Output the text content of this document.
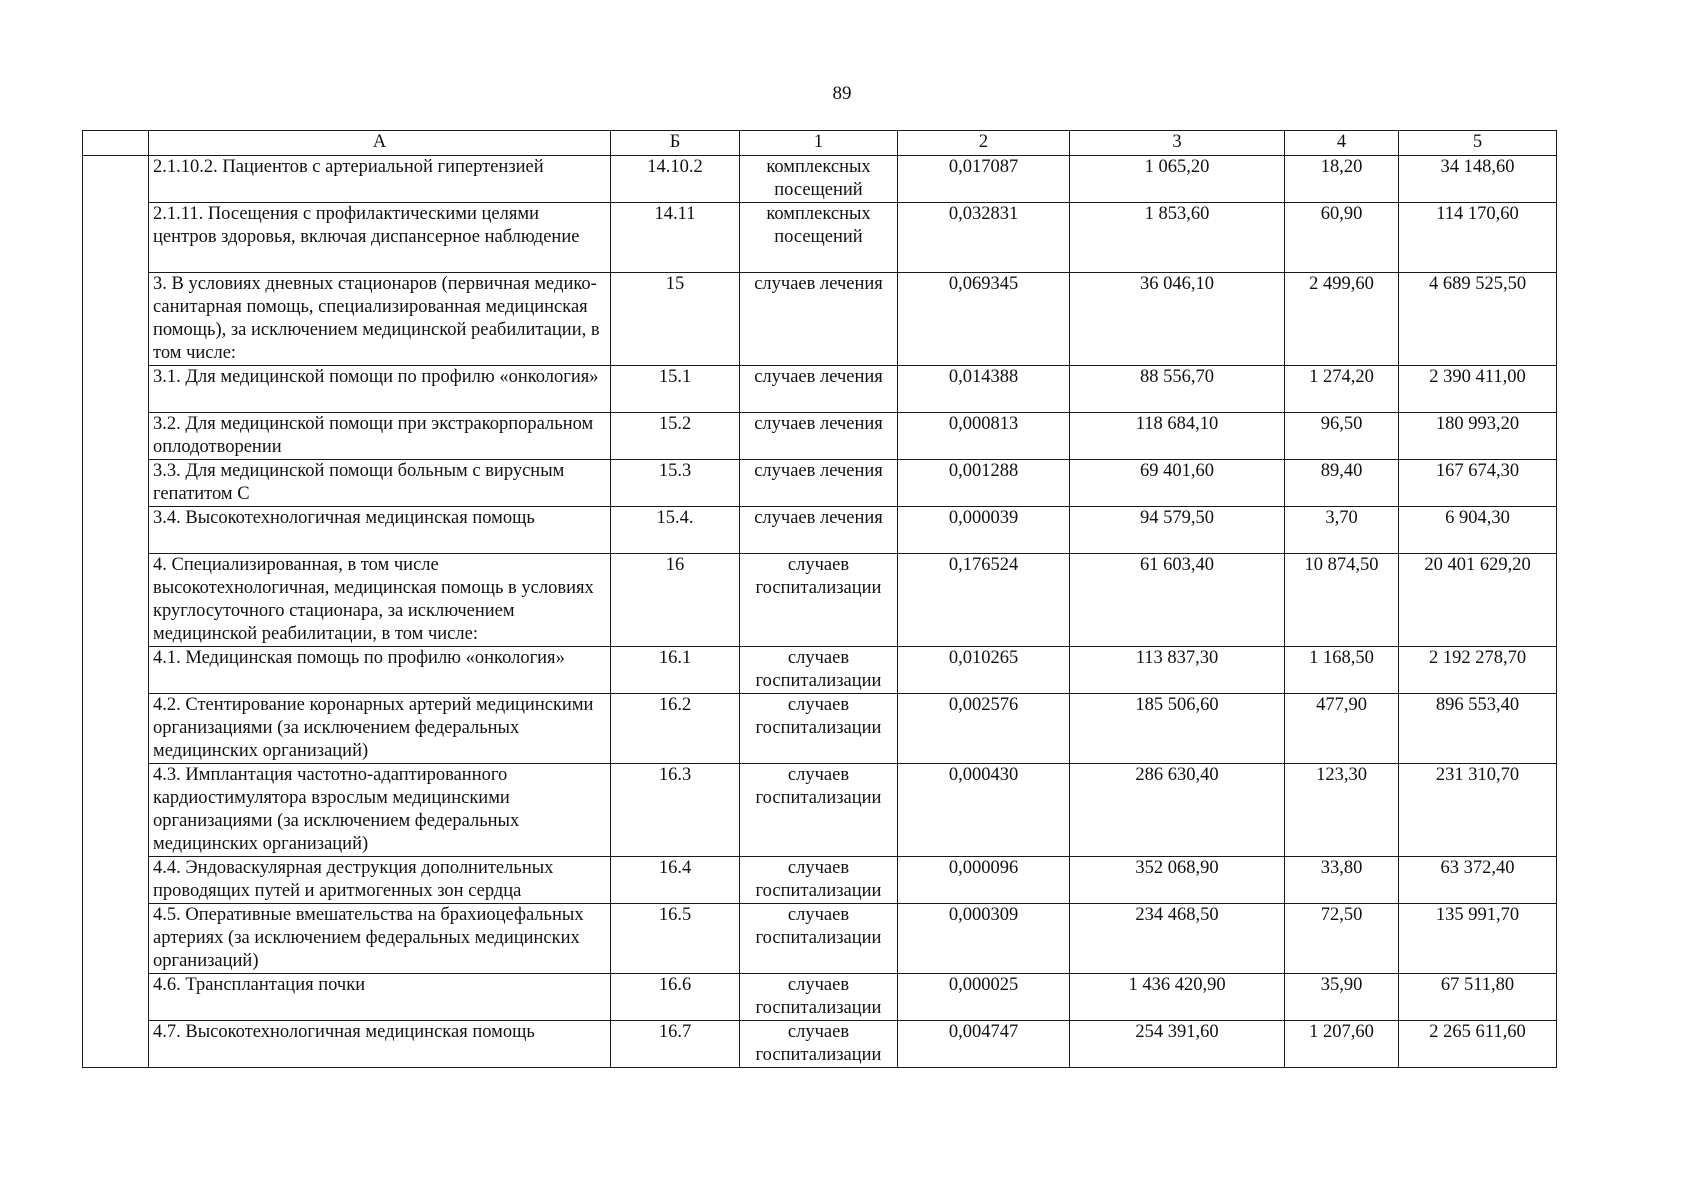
89
	А	Б	1	2	3	4	5
	2.1.10.2. Пациентов с артериальной гипертензией	14.10.2	комплексных посещений	0,017087	1 065,20	18,20	34 148,60
	2.1.11. Посещения с профилактическими целями центров здоровья, включая диспансерное наблюдение	14.11	комплексных посещений	0,032831	1 853,60	60,90	114 170,60
	3. В условиях дневных стационаров (первичная медико-санитарная помощь, специализированная медицинская помощь), за исключением медицинской реабилитации, в том числе:	15	случаев лечения	0,069345	36 046,10	2 499,60	4 689 525,50
	3.1. Для медицинской помощи по профилю «онкология»	15.1	случаев лечения	0,014388	88 556,70	1 274,20	2 390 411,00
	3.2. Для медицинской помощи при экстракорпоральном оплодотворении	15.2	случаев лечения	0,000813	118 684,10	96,50	180 993,20
	3.3. Для медицинской помощи больным с вирусным гепатитом С	15.3	случаев лечения	0,001288	69 401,60	89,40	167 674,30
	3.4. Высокотехнологичная медицинская помощь	15.4.	случаев лечения	0,000039	94 579,50	3,70	6 904,30
	4. Специализированная, в том числе высокотехнологичная, медицинская помощь в условиях круглосуточного стационара, за исключением медицинской реабилитации, в том числе:	16	случаев госпитализации	0,176524	61 603,40	10 874,50	20 401 629,20
	4.1. Медицинская помощь по профилю «онкология»	16.1	случаев госпитализации	0,010265	113 837,30	1 168,50	2 192 278,70
	4.2. Стентирование коронарных артерий медицинскими организациями (за исключением федеральных медицинских организаций)	16.2	случаев госпитализации	0,002576	185 506,60	477,90	896 553,40
	4.3. Имплантация частотно-адаптированного кардиостимулятора взрослым медицинскими организациями (за исключением федеральных медицинских организаций)	16.3	случаев госпитализации	0,000430	286 630,40	123,30	231 310,70
	4.4. Эндоваскулярная деструкция дополнительных проводящих путей и аритмогенных зон сердца	16.4	случаев госпитализации	0,000096	352 068,90	33,80	63 372,40
	4.5. Оперативные вмешательства на брахиоцефальных артериях (за исключением федеральных медицинских организаций)	16.5	случаев госпитализации	0,000309	234 468,50	72,50	135 991,70
	4.6. Трансплантация почки	16.6	случаев госпитализации	0,000025	1 436 420,90	35,90	67 511,80
	4.7. Высокотехнологичная медицинская помощь	16.7	случаев госпитализации	0,004747	254 391,60	1 207,60	2 265 611,60
